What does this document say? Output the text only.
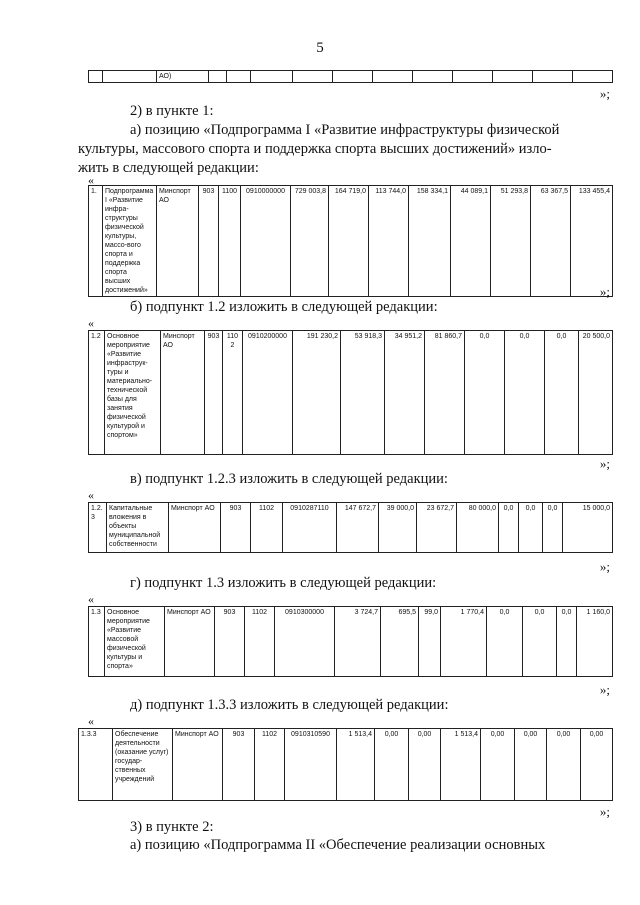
5
		АО)											
»;
2) в пункте 1:
а) позицию «Подпрограмма I «Развитие инфраструктуры физической
культуры, массового спорта и поддержка спорта высших достижений» изло-
жить в следующей редакции:
«
1.	Подпрограмма I «Развитие инфра-структуры физической культуры, массо-вого спорта и поддержка спорта высших достижений»	Минспорт АО	903	1100	0910000000	729 003,8	164 719,0	113 744,0	158 334,1	44 089,1	51 293,8	63 367,5	133 455,4
»;
б) подпункт 1.2 изложить в следующей редакции:
«
1.2	Основное мероприятие «Развитие инфраструк-туры и материально-технической базы для занятия физической культурой и спортом»	Минспорт АО	903	1102	0910200000	191 230,2	53 918,3	34 951,2	81 860,7	0,0	0,0	0,0	20 500,0
»;
в) подпункт 1.2.3 изложить в следующей редакции:
«
1.2.3	Капитальные вложения в объекты муниципальной собственности	Минспорт АО	903	1102	0910287110	147 672,7	39 000,0	23 672,7	80 000,0	0,0	0,0	0,0	15 000,0
»;
г) подпункт 1.3 изложить в следующей редакции:
«
1.3	Основное мероприятие «Развитие массовой физической культуры и спорта»	Минспорт АО	903	1102	0910300000	3 724,7	695,5	99,0	1 770,4	0,0	0,0	0,0	1 160,0
»;
д) подпункт 1.3.3 изложить в следующей редакции:
«
1.3.3	Обеспечение деятельности (оказание услуг) государ-ственных учреждений	Минспорт АО	903	1102	0910310590	1 513,4	0,00	0,00	1 513,4	0,00	0,00	0,00	0,00
»;
3) в пункте 2:
а) позицию «Подпрограмма II «Обеспечение реализации основных
